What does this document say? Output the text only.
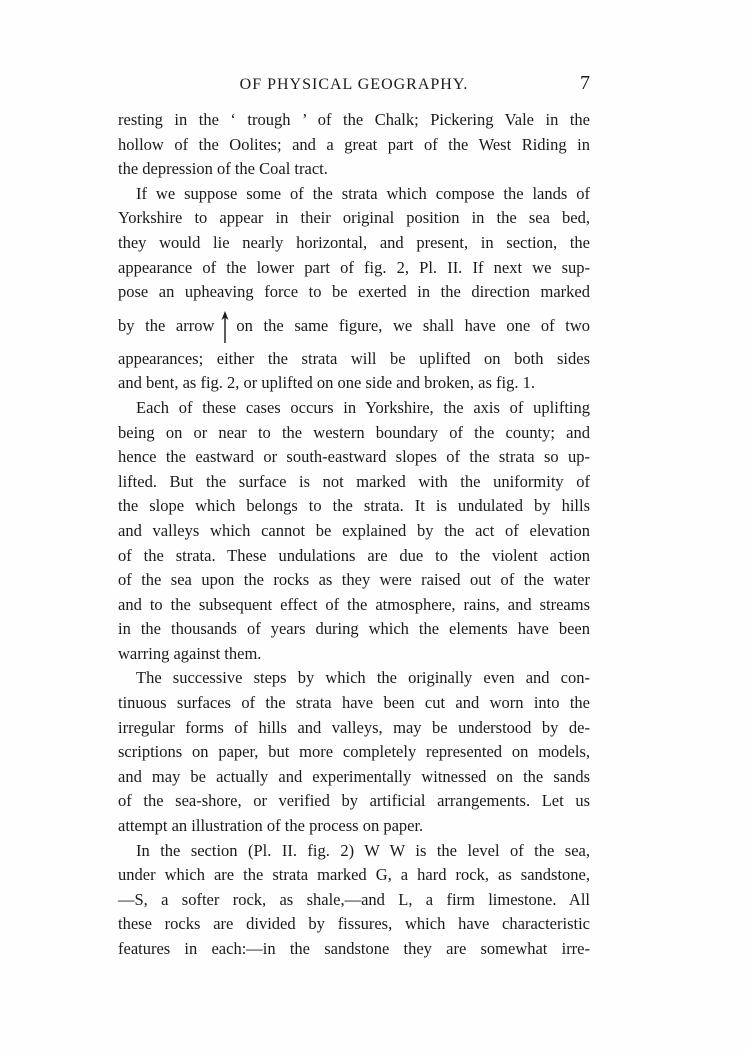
OF PHYSICAL GEOGRAPHY.	7
resting in the ‘ trough ’ of the Chalk; Pickering Vale in the
hollow of the Oolites; and a great part of the West Riding in
the depression of the Coal tract.
If we suppose some of the strata which compose the lands of
Yorkshire to appear in their original position in the sea bed,
they would lie nearly horizontal, and present, in section, the
appearance of the lower part of fig. 2, Pl. II. If next we sup-
pose an upheaving force to be exerted in the direction marked
by the arrow on the same figure, we shall have one of two
appearances; either the strata will be uplifted on both sides
and bent, as fig. 2, or uplifted on one side and broken, as fig. 1.
Each of these cases occurs in Yorkshire, the axis of uplifting
being on or near to the western boundary of the county; and
hence the eastward or south-eastward slopes of the strata so up-
lifted. But the surface is not marked with the uniformity of
the slope which belongs to the strata. It is undulated by hills
and valleys which cannot be explained by the act of elevation
of the strata. These undulations are due to the violent action
of the sea upon the rocks as they were raised out of the water
and to the subsequent effect of the atmosphere, rains, and streams
in the thousands of years during which the elements have been
warring against them.
The successive steps by which the originally even and con-
tinuous surfaces of the strata have been cut and worn into the
irregular forms of hills and valleys, may be understood by de-
scriptions on paper, but more completely represented on models,
and may be actually and experimentally witnessed on the sands
of the sea-shore, or verified by artificial arrangements. Let us
attempt an illustration of the process on paper.
In the section (Pl. II. fig. 2) W W is the level of the sea,
under which are the strata marked G, a hard rock, as sandstone,
—S, a softer rock, as shale,—and L, a firm limestone. All
these rocks are divided by fissures, which have characteristic
features in each:—in the sandstone they are somewhat irre-
